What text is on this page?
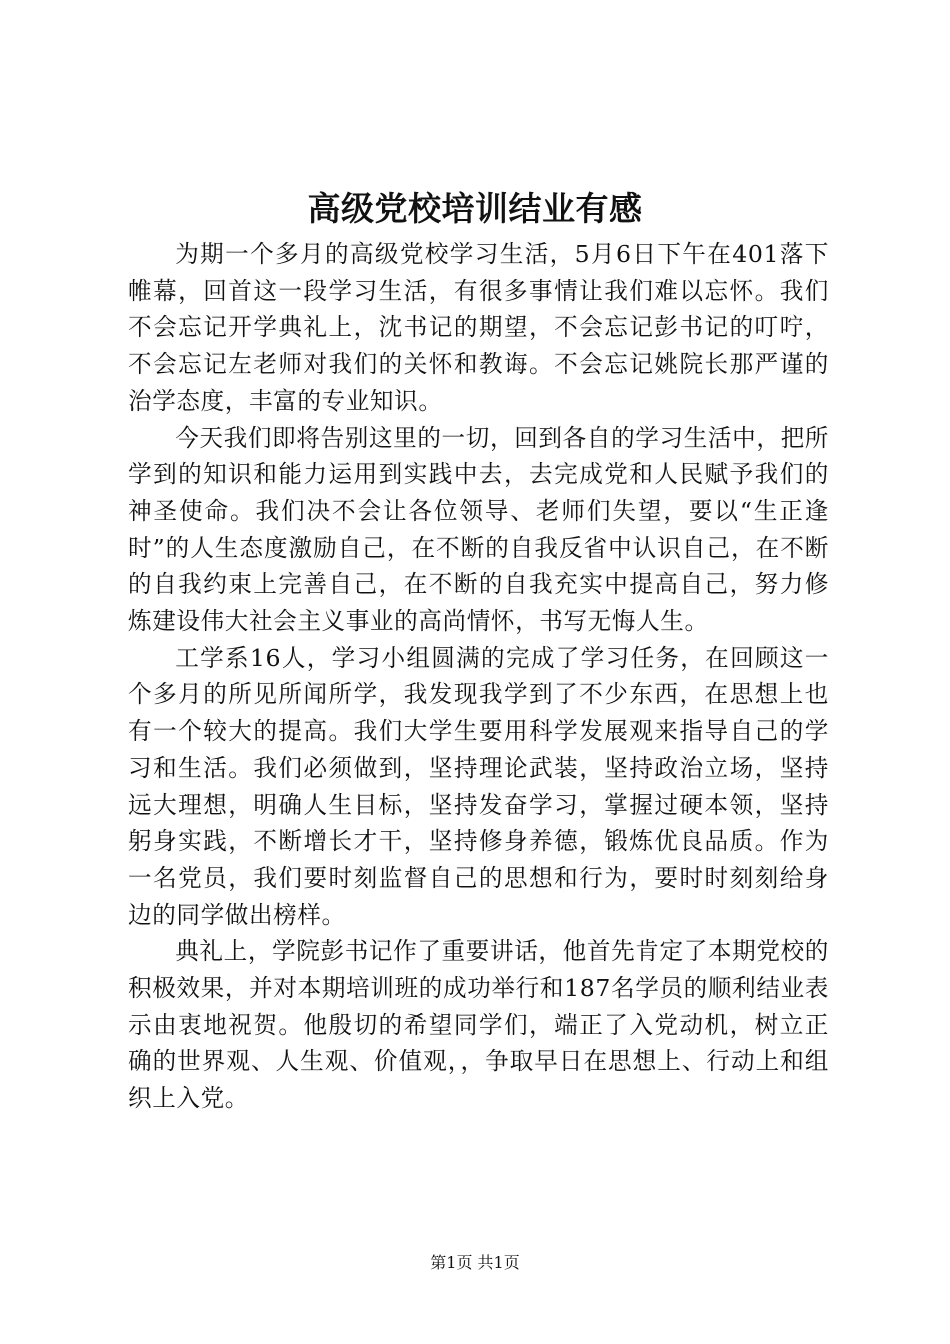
高级党校培训结业有感

为期一个多月的高级党校学习生活，5月6日下午在401落下帷幕，回首这一段学习生活，有很多事情让我们难以忘怀。我们不会忘记开学典礼上，沈书记的期望，不会忘记彭书记的叮咛，不会忘记左老师对我们的关怀和教诲。不会忘记姚院长那严谨的治学态度，丰富的专业知识。

今天我们即将告别这里的一切，回到各自的学习生活中，把所学到的知识和能力运用到实践中去，去完成党和人民赋予我们的神圣使命。我们决不会让各位领导、老师们失望，要以“生正逢时”的人生态度激励自己，在不断的自我反省中认识自己，在不断的自我约束上完善自己，在不断的自我充实中提高自己，努力修炼建设伟大社会主义事业的高尚情怀，书写无悔人生。

工学系16人，学习小组圆满的完成了学习任务，在回顾这一个多月的所见所闻所学，我发现我学到了不少东西，在思想上也有一个较大的提高。我们大学生要用科学发展观来指导自己的学习和生活。我们必须做到，坚持理论武装，坚持政治立场，坚持远大理想，明确人生目标，坚持发奋学习，掌握过硬本领，坚持躬身实践，不断增长才干，坚持修身养德，锻炼优良品质。作为一名党员，我们要时刻监督自己的思想和行为，要时时刻刻给身边的同学做出榜样。

典礼上，学院彭书记作了重要讲话，他首先肯定了本期党校的积极效果，并对本期培训班的成功举行和187名学员的顺利结业表示由衷地祝贺。他殷切的希望同学们，端正了入党动机，树立正确的世界观、人生观、价值观，，争取早日在思想上、行动上和组织上入党。

第1页 共1页
